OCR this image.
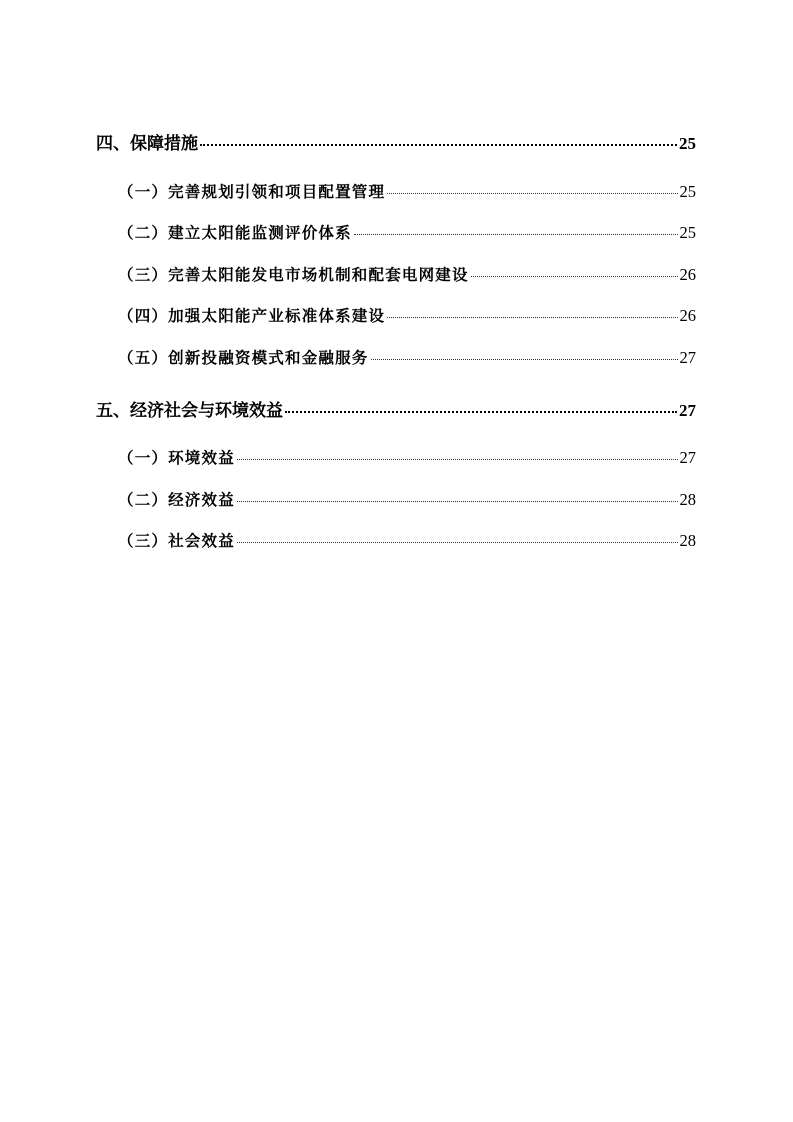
四、保障措施	25
（一）完善规划引领和项目配置管理	25
（二）建立太阳能监测评价体系	25
（三）完善太阳能发电市场机制和配套电网建设	26
（四）加强太阳能产业标准体系建设	26
（五）创新投融资模式和金融服务	27
五、经济社会与环境效益	27
（一）环境效益	27
（二）经济效益	28
（三）社会效益	28
